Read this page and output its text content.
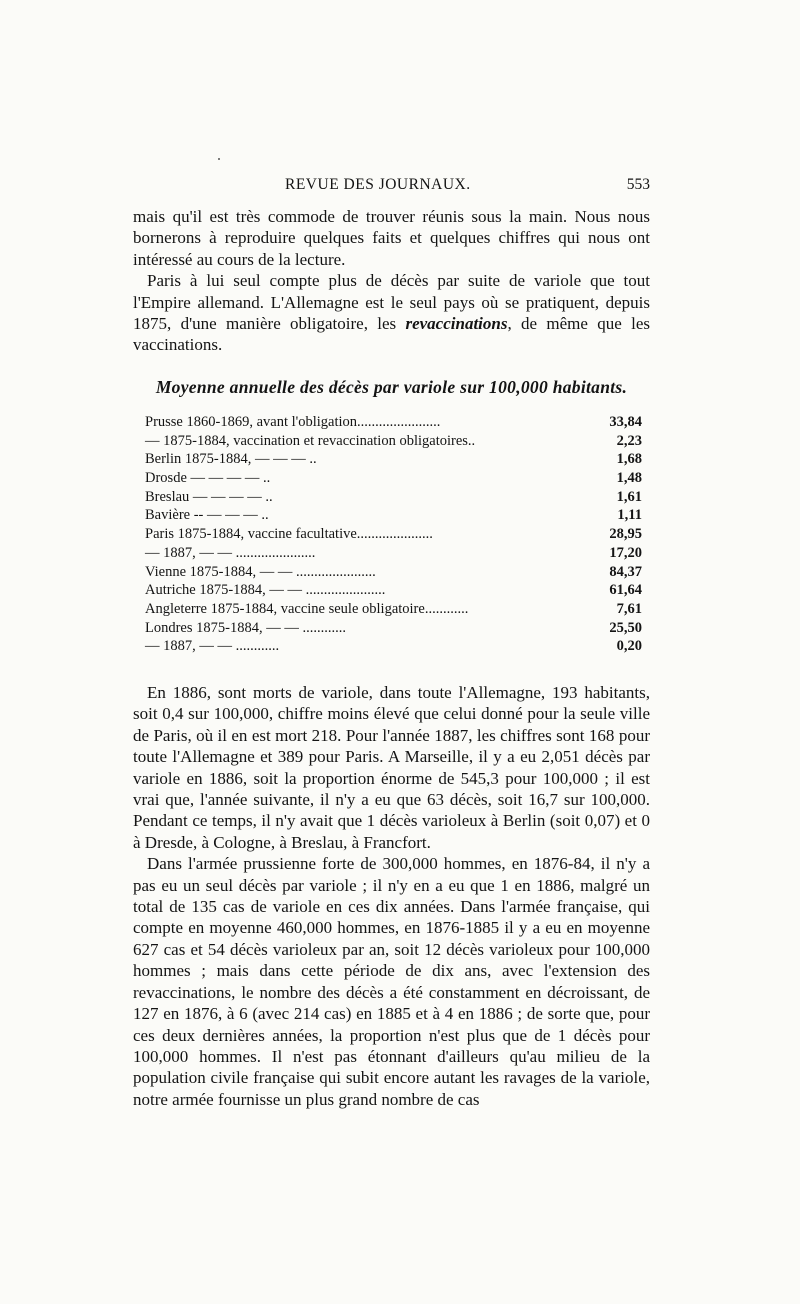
REVUE DES JOURNAUX.	553

mais qu'il est très commode de trouver réunis sous la main. Nous nous bornerons à reproduire quelques faits et quelques chiffres qui nous ont intéressé au cours de la lecture.

Paris à lui seul compte plus de décès par suite de variole que tout l'Empire allemand. L'Allemagne est le seul pays où se pratiquent, depuis 1875, d'une manière obligatoire, les revaccinations, de même que les vaccinations.

Moyenne annuelle des décès par variole sur 100,000 habitants.
Prusse 1860-1869, avant l'obligation.......................	33,84
— 1875-1884, vaccination et revaccination obligatoires..	2,23
Berlin 1875-1884, — — — ..	1,68
Drosde — — — — ..	1,48
Breslau — — — — ..	1,61
Bavière -- — — — ..	1,11
Paris 1875-1884, vaccine facultative.....................	28,95
— 1887, — — ......................	17,20
Vienne 1875-1884, — — ......................	84,37
Autriche 1875-1884, — — ......................	61,64
Angleterre 1875-1884, vaccine seule obligatoire............	7,61
Londres 1875-1884, — — ............	25,50
— 1887, — — ............	0,20

En 1886, sont morts de variole, dans toute l'Allemagne, 193 habitants, soit 0,4 sur 100,000, chiffre moins élevé que celui donné pour la seule ville de Paris, où il en est mort 218. Pour l'année 1887, les chiffres sont 168 pour toute l'Allemagne et 389 pour Paris. A Marseille, il y a eu 2,051 décès par variole en 1886, soit la proportion énorme de 545,3 pour 100,000 ; il est vrai que, l'année suivante, il n'y a eu que 63 décès, soit 16,7 sur 100,000. Pendant ce temps, il n'y avait que 1 décès varioleux à Berlin (soit 0,07) et 0 à Dresde, à Cologne, à Breslau, à Francfort.

Dans l'armée prussienne forte de 300,000 hommes, en 1876-84, il n'y a pas eu un seul décès par variole ; il n'y en a eu que 1 en 1886, malgré un total de 135 cas de variole en ces dix années. Dans l'armée française, qui compte en moyenne 460,000 hommes, en 1876-1885 il y a eu en moyenne 627 cas et 54 décès varioleux par an, soit 12 décès varioleux pour 100,000 hommes ; mais dans cette période de dix ans, avec l'extension des revaccinations, le nombre des décès a été constamment en décroissant, de 127 en 1876, à 6 (avec 214 cas) en 1885 et à 4 en 1886 ; de sorte que, pour ces deux dernières années, la proportion n'est plus que de 1 décès pour 100,000 hommes. Il n'est pas étonnant d'ailleurs qu'au milieu de la population civile française qui subit encore autant les ravages de la variole, notre armée fournisse un plus grand nombre de cas
